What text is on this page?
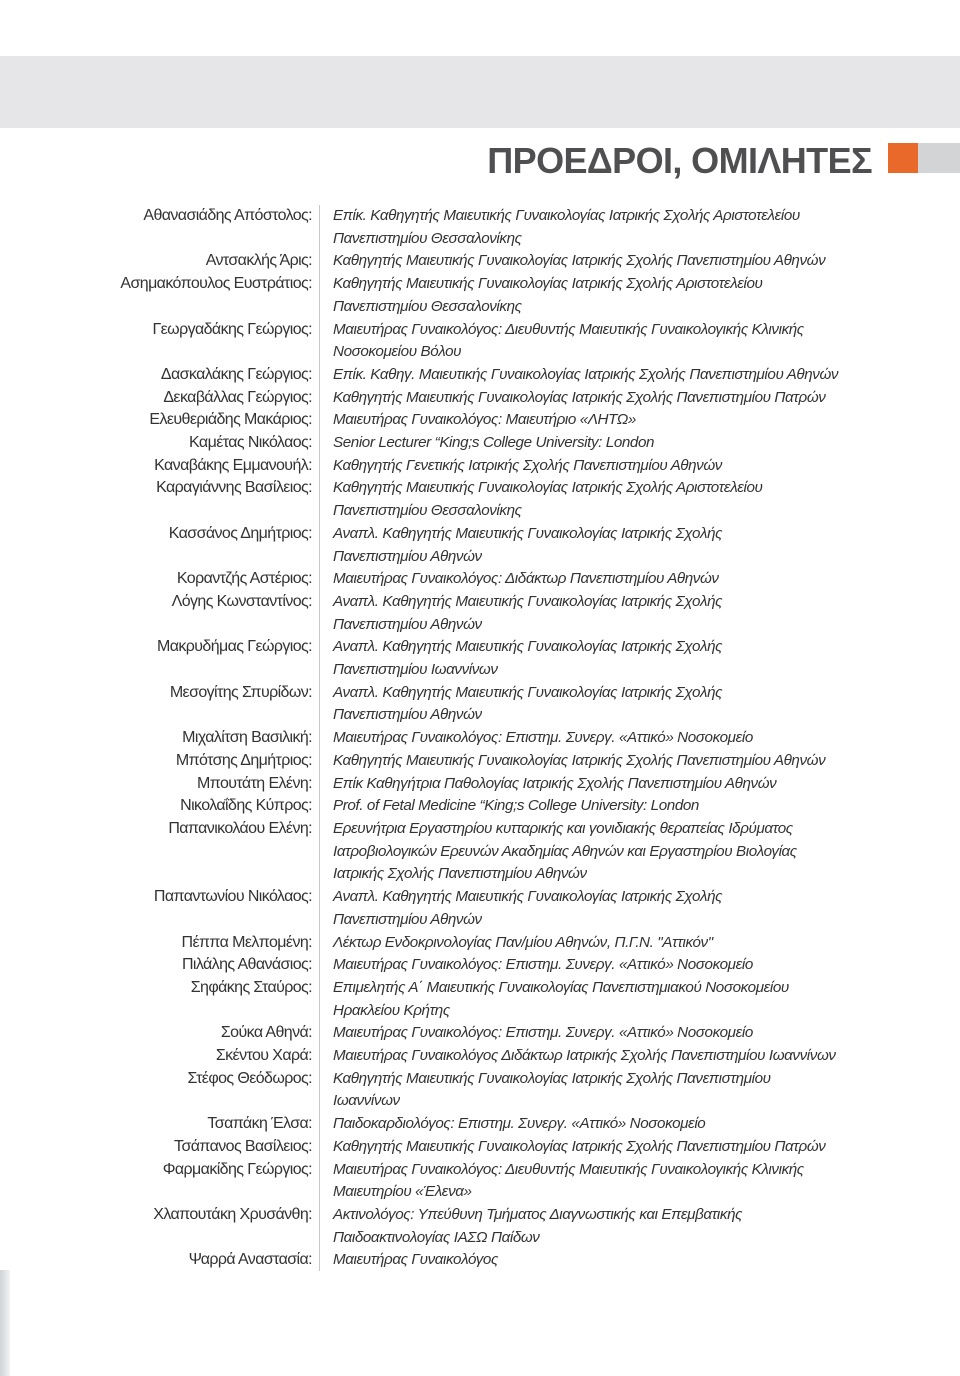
ΠΡΟΕΔΡΟΙ, ΟΜΙΛΗΤΕΣ
Αθανασιάδης Απόστολος: Επίκ. Καθηγητής Μαιευτικής Γυναικολογίας Ιατρικής Σχολής Αριστοτελείου
Πανεπιστημίου Θεσσαλονίκης
Αντσακλής Άρις: Καθηγητής Μαιευτικής Γυναικολογίας Ιατρικής Σχολής Πανεπιστημίου Αθηνών
Ασημακόπουλος Ευστράτιος: Καθηγητής Μαιευτικής Γυναικολογίας Ιατρικής Σχολής Αριστοτελείου
Πανεπιστημίου Θεσσαλονίκης
Γεωργαδάκης Γεώργιος: Μαιευτήρας Γυναικολόγος: Διευθυντής Μαιευτικής Γυναικολογικής Κλινικής
Νοσοκομείου Βόλου
Δασκαλάκης Γεώργιος: Επίκ. Καθηγ. Μαιευτικής Γυναικολογίας Ιατρικής Σχολής Πανεπιστημίου Αθηνών
Δεκαβάλλας Γεώργιος: Καθηγητής Μαιευτικής Γυναικολογίας Ιατρικής Σχολής Πανεπιστημίου Πατρών
Ελευθεριάδης Μακάριος: Μαιευτήρας Γυναικολόγος: Μαιευτήριο «ΛΗΤΩ»
Καμέτας Νικόλαος: Senior Lecturer “King;s College University: London
Καναβάκης Εμμανουήλ: Καθηγητής Γενετικής Ιατρικής Σχολής Πανεπιστημίου Αθηνών
Καραγιάννης Βασίλειος: Καθηγητής Μαιευτικής Γυναικολογίας Ιατρικής Σχολής Αριστοτελείου
Πανεπιστημίου Θεσσαλονίκης
Κασσάνος Δημήτριος: Αναπλ. Καθηγητής Μαιευτικής Γυναικολογίας Ιατρικής Σχολής
Πανεπιστημίου Αθηνών
Κοραντζής Αστέριος: Μαιευτήρας Γυναικολόγος: Διδάκτωρ Πανεπιστημίου Αθηνών
Λόγης Κωνσταντίνος: Αναπλ. Καθηγητής Μαιευτικής Γυναικολογίας Ιατρικής Σχολής
Πανεπιστημίου Αθηνών
Μακρυδήμας Γεώργιος: Αναπλ. Καθηγητής Μαιευτικής Γυναικολογίας Ιατρικής Σχολής
Πανεπιστημίου Ιωαννίνων
Μεσογίτης Σπυρίδων: Αναπλ. Καθηγητής Μαιευτικής Γυναικολογίας Ιατρικής Σχολής
Πανεπιστημίου Αθηνών
Μιχαλίτση Βασιλική: Μαιευτήρας Γυναικολόγος: Επιστημ. Συνεργ. «Αττικό» Νοσοκομείο
Μπότσης Δημήτριος: Καθηγητής Μαιευτικής Γυναικολογίας Ιατρικής Σχολής Πανεπιστημίου Αθηνών
Μπουτάτη Ελένη: Επίκ Καθηγήτρια Παθολογίας Ιατρικής Σχολής Πανεπιστημίου Αθηνών
Νικολαΐδης Κύπρος: Prof. of Fetal Medicine “King;s College University: London
Παπανικολάου Ελένη: Ερευνήτρια Εργαστηρίου κυτταρικής και γονιδιακής θεραπείας Ιδρύματος
Ιατροβιολογικών Ερευνών Ακαδημίας Αθηνών και Εργαστηρίου Βιολογίας
Ιατρικής Σχολής Πανεπιστημίου Αθηνών
Παπαντωνίου Νικόλαος: Αναπλ. Καθηγητής Μαιευτικής Γυναικολογίας Ιατρικής Σχολής
Πανεπιστημίου Αθηνών
Πέππα Μελπομένη: Λέκτωρ Ενδοκρινολογίας Παν/μίου Αθηνών, Π.Γ.Ν. "Αττικόν"
Πιλάλης Αθανάσιος: Μαιευτήρας Γυναικολόγος: Επιστημ. Συνεργ. «Αττικό» Νοσοκομείο
Σηφάκης Σταύρος: Επιμελητής Α΄ Μαιευτικής Γυναικολογίας Πανεπιστημιακού Νοσοκομείου
Ηρακλείου Κρήτης
Σούκα Αθηνά: Μαιευτήρας Γυναικολόγος: Επιστημ. Συνεργ. «Αττικό» Νοσοκομείο
Σκέντου Χαρά: Μαιευτήρας Γυναικολόγος Διδάκτωρ Ιατρικής Σχολής Πανεπιστημίου Ιωαννίνων
Στέφος Θεόδωρος: Καθηγητής Μαιευτικής Γυναικολογίας Ιατρικής Σχολής Πανεπιστημίου
Ιωαννίνων
Τσαπάκη Έλσα: Παιδοκαρδιολόγος: Επιστημ. Συνεργ. «Αττικό» Νοσοκομείο
Τσάπανος Βασίλειος: Καθηγητής Μαιευτικής Γυναικολογίας Ιατρικής Σχολής Πανεπιστημίου Πατρών
Φαρμακίδης Γεώργιος: Μαιευτήρας Γυναικολόγος: Διευθυντής Μαιευτικής Γυναικολογικής Κλινικής
Μαιευτηρίου «Έλενα»
Χλαπουτάκη Χρυσάνθη: Ακτινολόγος: Υπεύθυνη Τμήματος Διαγνωστικής και Επεμβατικής
Παιδοακτινολογίας ΙΑΣΩ Παίδων
Ψαρρά Αναστασία: Μαιευτήρας Γυναικολόγος
